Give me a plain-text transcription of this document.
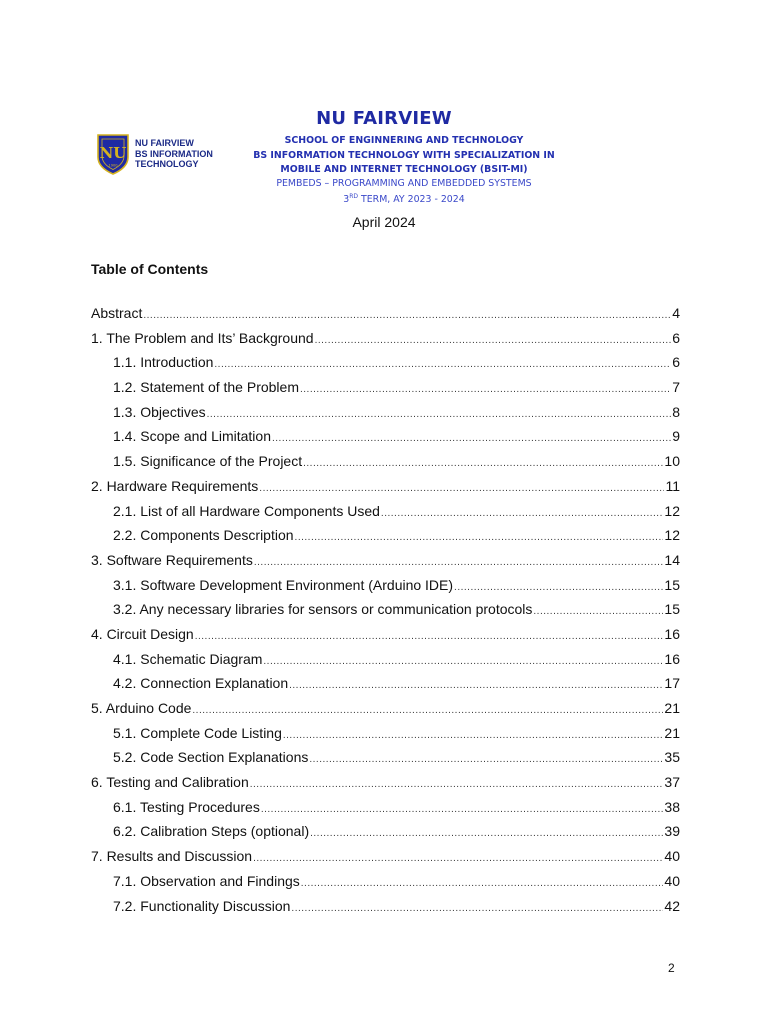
NU
1900
NU FAIRVIEW
BS INFORMATION
TECHNOLOGY
NU FAIRVIEW
SCHOOL OF ENGINNERING AND TECHNOLOGY
BS INFORMATION TECHNOLOGY WITH SPECIALIZATION IN
MOBILE AND INTERNET TECHNOLOGY (BSIT-MI)
PEMBEDS – PROGRAMMING AND EMBEDDED SYSTEMS
3RD TERM, AY 2023 - 2024
April 2024
Table of Contents
Abstract .....	4
1. The Problem and Its’ Background .....	6
1.1. Introduction .....	6
1.2. Statement of the Problem .....	7
1.3. Objectives .....	8
1.4. Scope and Limitation .....	9
1.5. Significance of the Project .....	10
2. Hardware Requirements .....	11
2.1. List of all Hardware Components Used .....	12
2.2. Components Description .....	12
3. Software Requirements .....	14
3.1. Software Development Environment (Arduino IDE) .....	15
3.2. Any necessary libraries for sensors or communication protocols .....	15
4. Circuit Design .....	16
4.1. Schematic Diagram .....	16
4.2. Connection Explanation .....	17
5. Arduino Code .....	21
5.1. Complete Code Listing .....	21
5.2. Code Section Explanations .....	35
6. Testing and Calibration .....	37
6.1. Testing Procedures .....	38
6.2. Calibration Steps (optional) .....	39
7. Results and Discussion .....	40
7.1. Observation and Findings .....	40
7.2. Functionality Discussion .....	42
2
